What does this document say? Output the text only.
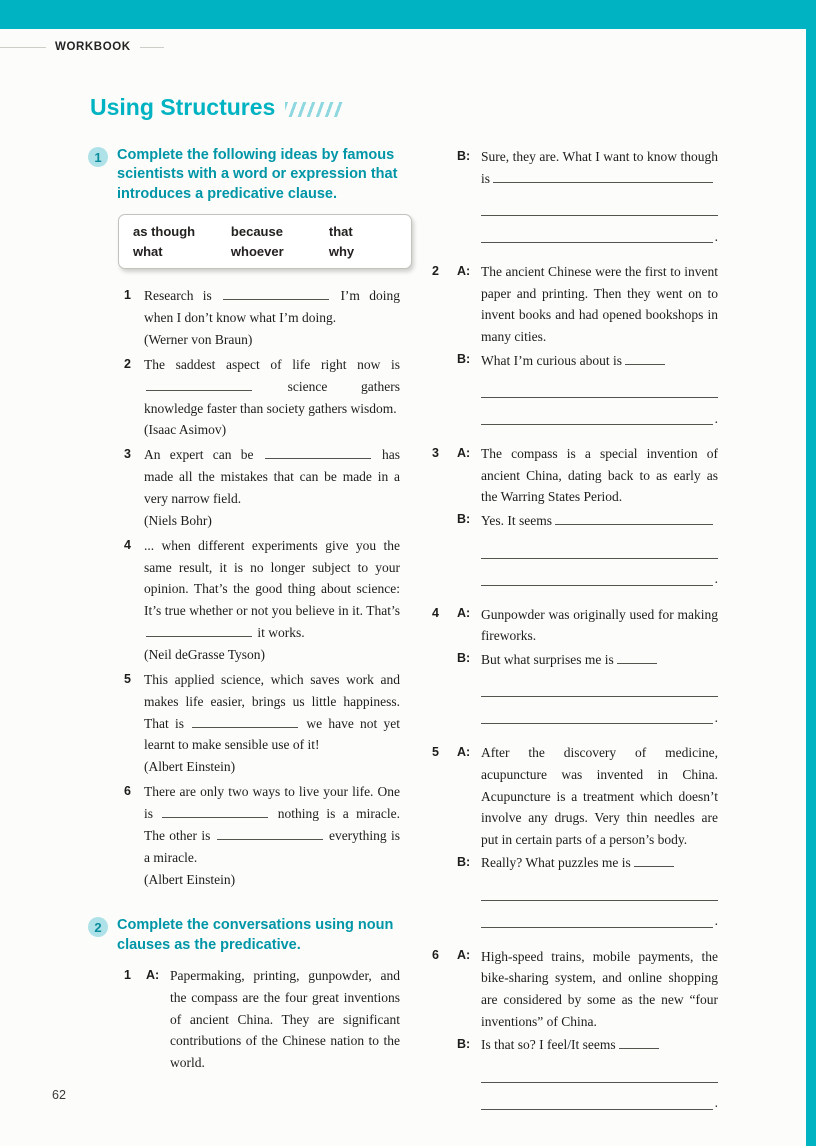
WORKBOOK
Using Structures
1	Complete the following ideas by famous scientists with a word or expression that introduces a predicative clause.
as though	because	that
what	whoever	why
1 Research is	I’m doing when I don’t know what I’m doing.
(Werner von Braun)
2 The saddest aspect of life right now is  science gathers knowledge faster than society gathers wisdom.
(Isaac Asimov)
3 An expert can be	has made all the mistakes that can be made in a very narrow field.
(Niels Bohr)
4 ... when different experiments give you the same result, it is no longer subject to your opinion. That’s the good thing about science: It’s true whether or not you believe in it. That’s  it works.
(Neil deGrasse Tyson)
5 This applied science, which saves work and makes life easier, brings us little happiness. That is	we have not yet learnt to make sensible use of it!
(Albert Einstein)
6 There are only two ways to live your life. One is	nothing is a miracle. The other is	everything is a miracle.
(Albert Einstein)
2	Complete the conversations using noun clauses as the predicative.
1	A: Papermaking, printing, gunpowder, and the compass are the four great inventions of ancient China. They are significant contributions of the Chinese nation to the world.
B: Sure, they are. What I want to know though is
.
2	A: The ancient Chinese were the first to invent paper and printing. Then they went on to invent books and had opened bookshops in many cities.
B: What I’m curious about is
.
3	A: The compass is a special invention of ancient China, dating back to as early as the Warring States Period.
B: Yes. It seems
.
4	A: Gunpowder was originally used for making fireworks.
B: But what surprises me is
.
5	A: After the discovery of medicine, acupuncture was invented in China. Acupuncture is a treatment which doesn’t involve any drugs. Very thin needles are put in certain parts of a person’s body.
B: Really? What puzzles me is
.
6	A: High-speed trains, mobile payments, the bike-sharing system, and online shopping are considered by some as the new “four inventions” of China.
B: Is that so? I feel/It seems
.
62
